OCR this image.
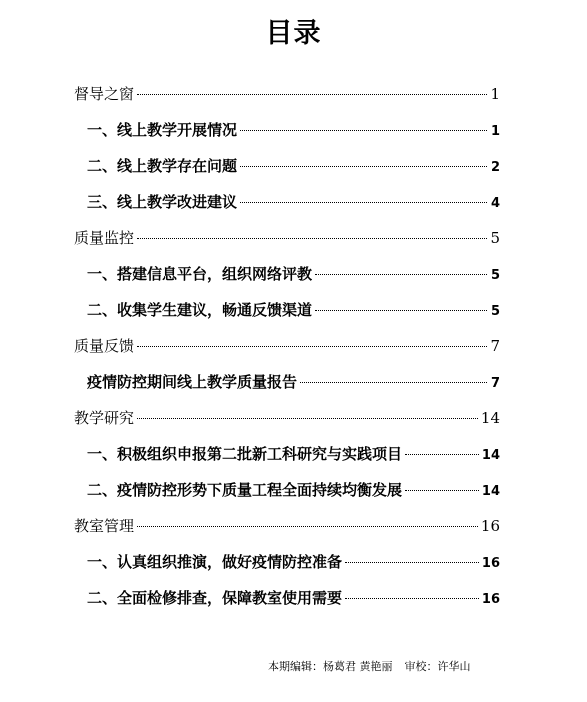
目录
督导之窗	1
一、线上教学开展情况	1
二、线上教学存在问题	2
三、线上教学改进建议	4
质量监控	5
一、搭建信息平台，组织网络评教	5
二、收集学生建议，畅通反馈渠道	5
质量反馈	7
疫情防控期间线上教学质量报告	7
教学研究	14
一、积极组织申报第二批新工科研究与实践项目	14
二、疫情防控形势下质量工程全面持续均衡发展	14
教室管理	16
一、认真组织推演，做好疫情防控准备	16
二、全面检修排查，保障教室使用需要	16
本期编辑：杨葛君 黄艳丽 审校：许华山
